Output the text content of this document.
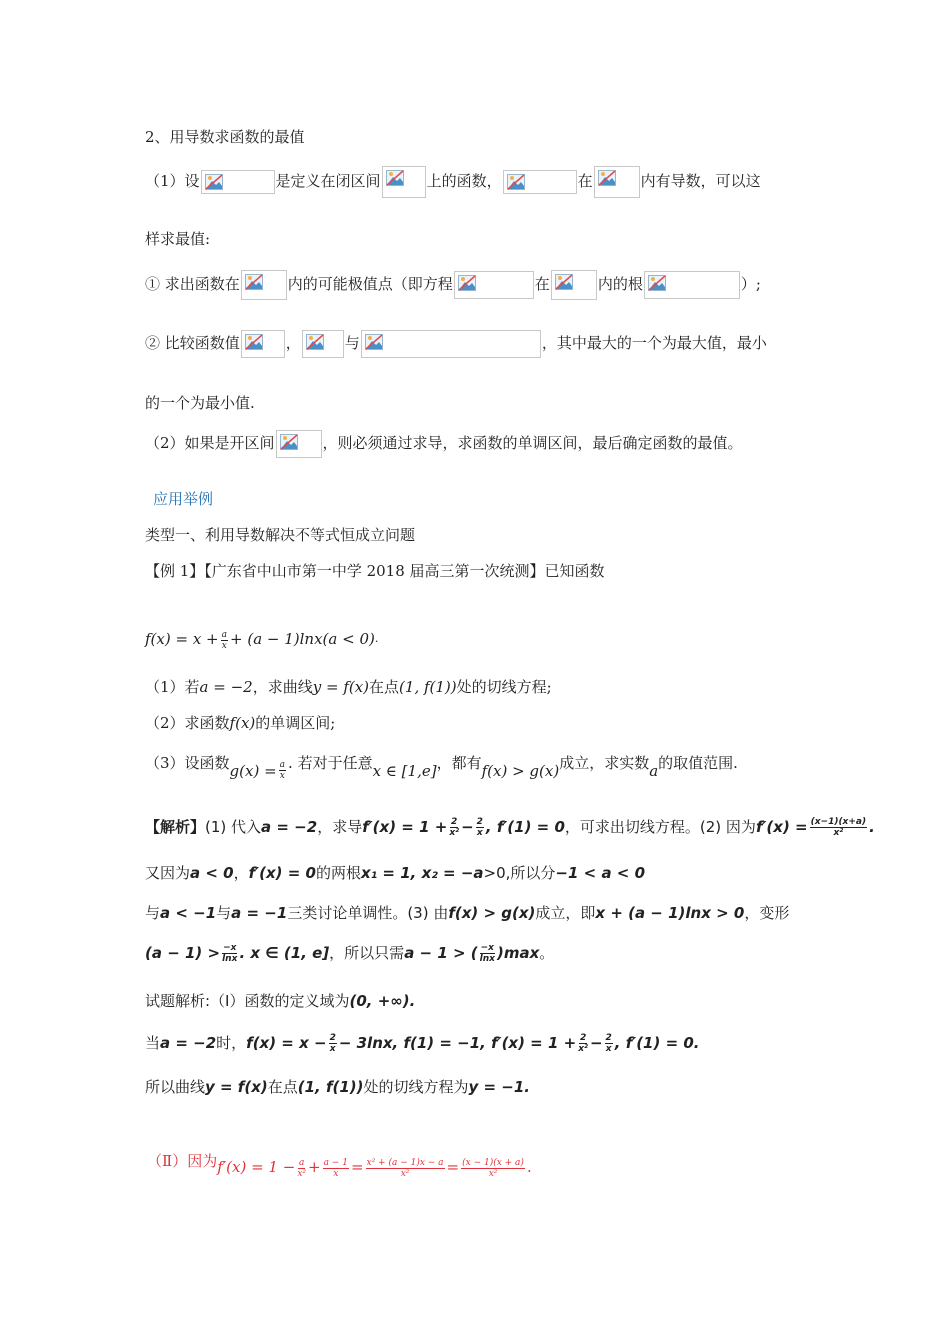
2、用导数求函数的最值
（1）设	是定义在闭区间	上的函数，	在	内有导数，可以这
样求最值:
① 求出函数在	内的可能极值点（即方程	在	内的根	）;
② 比较函数值	，	与	，其中最大的一个为最大值，最小
的一个为最小值.
（2）如果是开区间	，则必须通过求导，求函数的单调区间，最后确定函数的最值。
应用举例
类型一、利用导数解决不等式恒成立问题
【例 1】【广东省中山市第一中学 2018 届高三第一次统测】已知函数
$f(x) = x + \frac{a}{x} + (a - 1)\ln x(a < 0)^.$
（1）若a = −2，求曲线y = f(x)在点(1, f(1))处的切线方程;
（2）求函数f(x)的单调区间;
（3）设函数$g(x) = \frac{a}{x}$ . 若对于任意x ∈ [1,e]，都有f(x) > g(x)成立，求实数a的取值范围.
【解析】(1) 代入a = −2，求导$f'(x) = 1 + \frac{2}{\text{x²}} - \frac{2}{x}$ , f′(1) = 0，可求出切线方程。(2) 因为$f'(x) = \frac{(x-1)(x+a)}{\text{x²}}$ .
又因为a < 0，f′(x) = 0的两根x₁ = 1, x₂ = −a>0,所以分−1 < a < 0
与a < −1与a = −1三类讨论单调性。(3) 由f(x) > g(x)成立，即x + (a − 1)lnx > 0，变形
$(a - 1) > \frac{-x}{\ln x}$ . x ∈ (1, e]，所以只需a − 1 > ( $\frac{-x}{\ln x} )\max$。
试题解析:（Ⅰ）函数的定义域为(0, +∞).
当a = −2时，$f(x) = x - \frac{2}{x} - 3\ln x$, f(1) = −1, $f'(x) = 1 + \frac{2}{\text{x²}} - \frac{2}{x}$ , f′(1) = 0.
所以曲线y = f(x)在点(1, f(1))处的切线方程为y = −1.
（Ⅱ）因为$f'(x) = 1 - \frac{a}{\text{x²}} + \frac{a - 1}{x} = \frac{\text{x² + (a − 1)x − a}}{\text{x²}} = \frac{(x - 1)(x + a)}{\text{x²}}$ .
